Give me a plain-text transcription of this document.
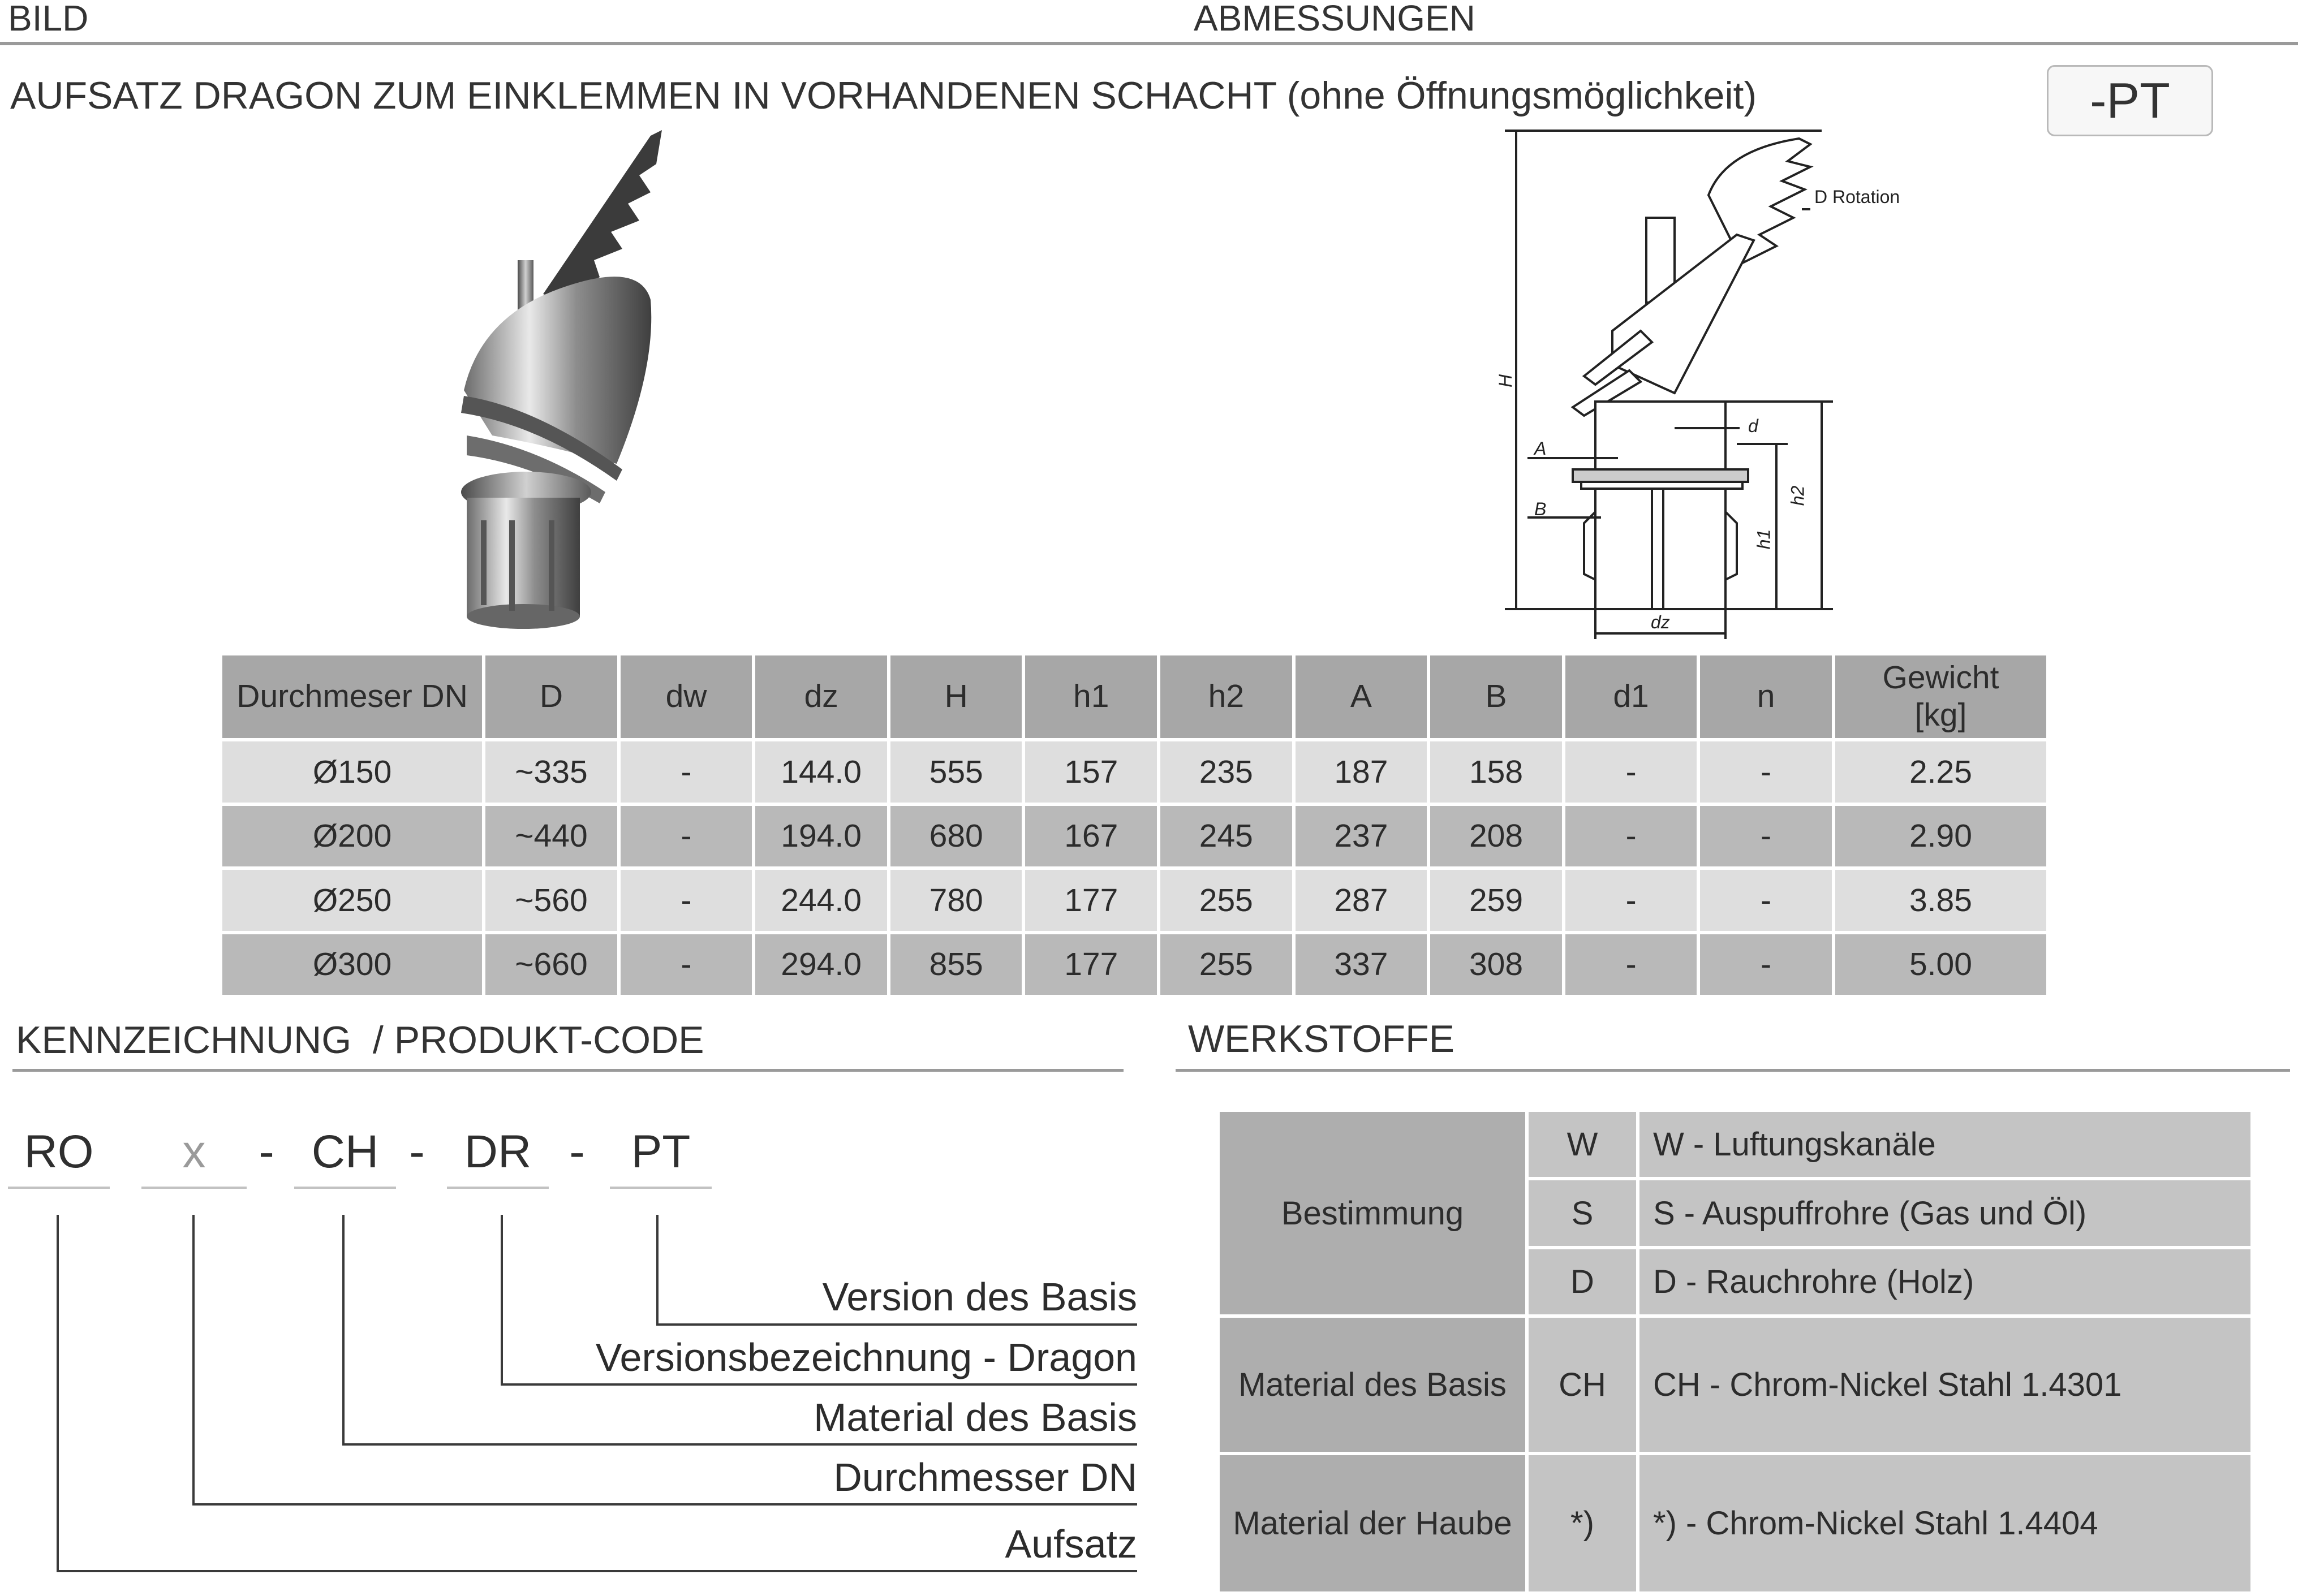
BILD	ABMESSUNGEN
AUFSATZ DRAGON ZUM EINKLEMMEN IN VORHANDENEN SCHACHT (ohne Öffnungsmöglichkeit)	-PT
D Rotation
H
d
A
B
h1
h2
dz
Durchmeser DN	D	dw	dz	H	h1	h2	A	B	d1	n	Gewicht
[kg]
Ø150	~335	-	144.0	555	157	235	187	158	-	-	2.25
Ø200	~440	-	194.0	680	167	245	237	208	-	-	2.90
Ø250	~560	-	244.0	780	177	255	287	259	-	-	3.85
Ø300	~660	-	294.0	855	177	255	337	308	-	-	5.00
KENNZEICHNUNG  / PRODUKT-CODE
RO	x	- CH - DR - PT
Version des Basis
Versionsbezeichnung - Dragon
Material des Basis
Durchmesser DN
Aufsatz
WERKSTOFFE
Bestimmung	W	W - Luftungskanäle
	S	S - Auspuffrohre (Gas und Öl)
	D	D - Rauchrohre (Holz)
Material des Basis	CH	CH - Chrom-Nickel Stahl 1.4301
Material der Haube	*)	*) - Chrom-Nickel Stahl 1.4404
